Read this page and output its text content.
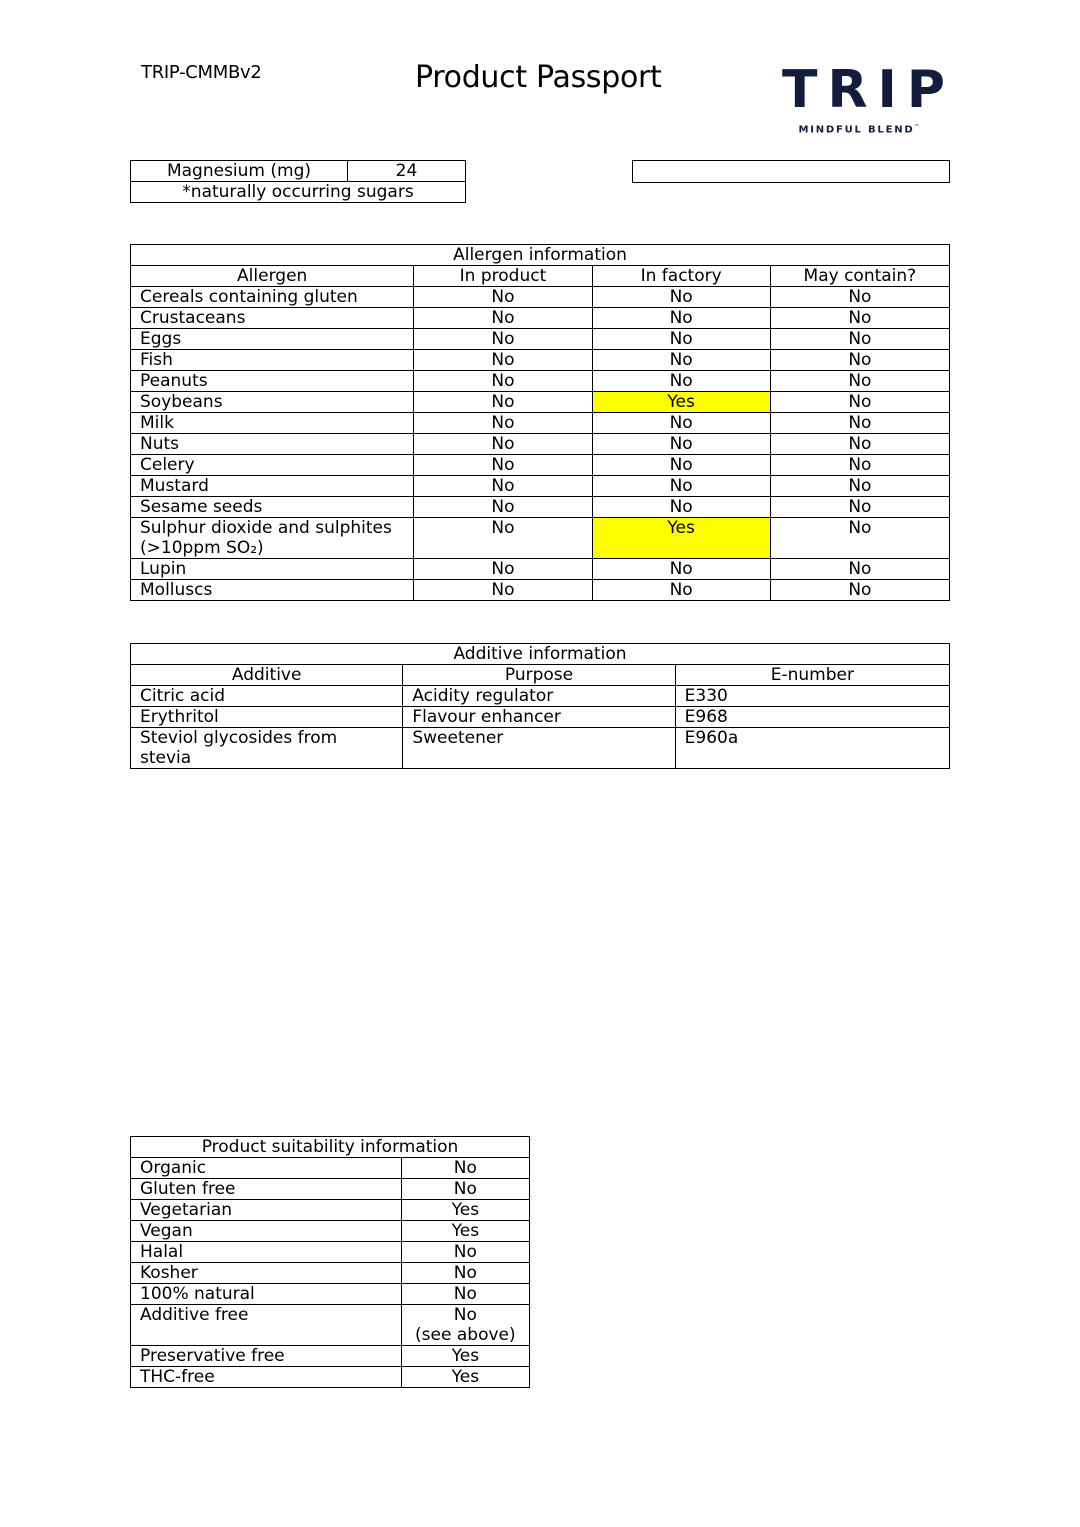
TRIP-CMMBv2	Product Passport TRIP
MINDFUL BLEND™
Magnesium (mg)	24
*naturally occurring sugars
Allergen information			
Allergen	In product	In factory	May contain?
Cereals containing gluten	No	No	No
Crustaceans	No	No	No
Eggs	No	No	No
Fish	No	No	No
Peanuts	No	No	No
Soybeans	No	Yes	No
Milk	No	No	No
Nuts	No	No	No
Celery	No	No	No
Mustard	No	No	No
Sesame seeds	No	No	No
Sulphur dioxide and sulphites (>10ppm SO₂)	No	Yes	No
Lupin	No	No	No
Molluscs	No	No	No
Additive information		
Additive	Purpose	E-number
Citric acid	Acidity regulator	E330
Erythritol	Flavour enhancer	E968
Steviol glycosides from stevia	Sweetener	E960a
Product suitability information	
Organic	No

Gluten free	No

Vegetarian	Yes

Vegan	Yes

Halal	No

Kosher	No

100% natural	No

Additive free	No
(see above)

Preservative free	Yes

THC-free	Yes
